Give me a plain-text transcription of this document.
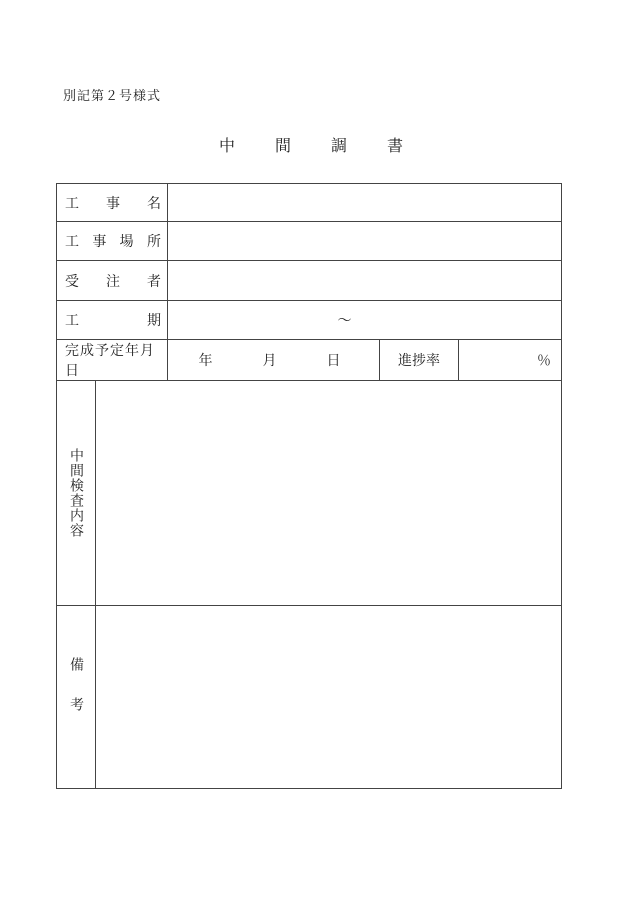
別記第２号様式
中　間　調　書
工 事 名				

工 事 場 所				

受 注 者				

工 期		～		
完成予定年月日		年　月　日	進捗率	％

中間検査内容				

備考				
